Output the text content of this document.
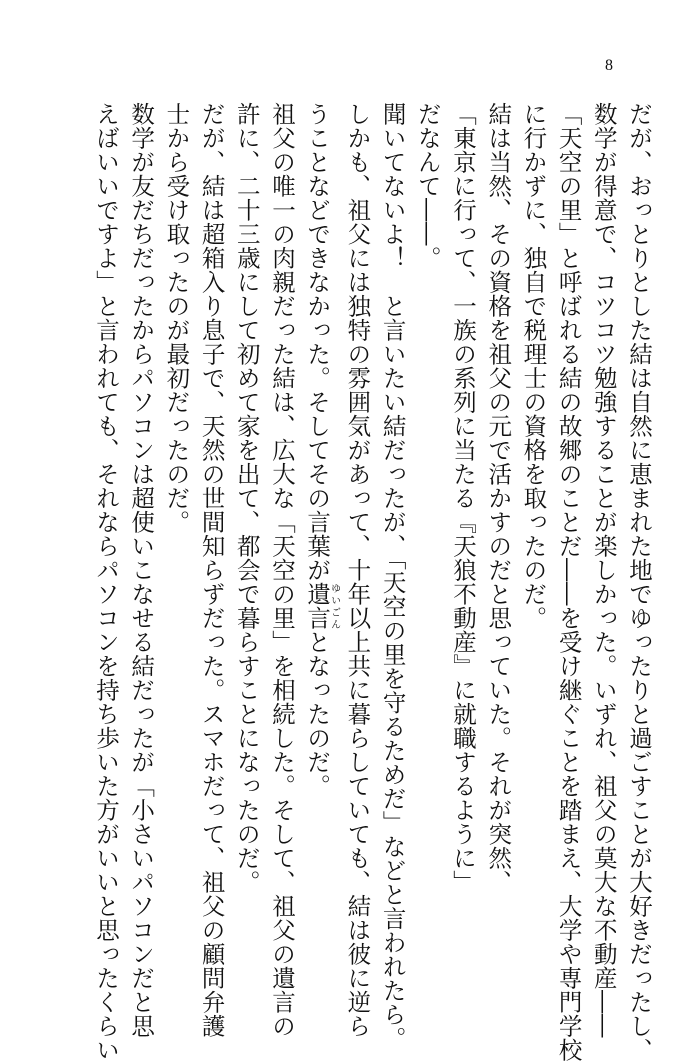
8
だが、おっとりとした結は自然に恵まれた地でゆったりと過ごすことが大好きだったし、
数学が得意で、コツコツ勉強することが楽しかった。いずれ、祖父の莫大な不動産――
「天空の里」と呼ばれる結の故郷のことだ――を受け継ぐことを踏まえ、大学や専門学校
に行かずに、独自で税理士の資格を取ったのだ。
結は当然、その資格を祖父の元で活かすのだと思っていた。それが突然、
「東京に行って、一族の系列に当たる『天狼不動産』に就職するように」
だなんて――。
聞いてないよ！　と言いたい結だったが、「天空の里を守るためだ」などと言われたら。
しかも、祖父には独特の雰囲気があって、十年以上共に暮らしていても、結は彼に逆ら
うことなどできなかった。そしてその言葉が遺言ゆいごんとなったのだ。
祖父の唯一の肉親だった結は、広大な「天空の里」を相続した。そして、祖父の遺言の
許に、二十三歳にして初めて家を出て、都会で暮らすことになったのだ。
だが、結は超箱入り息子で、天然の世間知らずだった。スマホだって、祖父の顧問弁護
士から受け取ったのが最初だったのだ。
数学が友だちだったからパソコンは超使いこなせる結だったが「小さいパソコンだと思
えばいいですよ」と言われても、それならパソコンを持ち歩いた方がいいと思ったくらい
